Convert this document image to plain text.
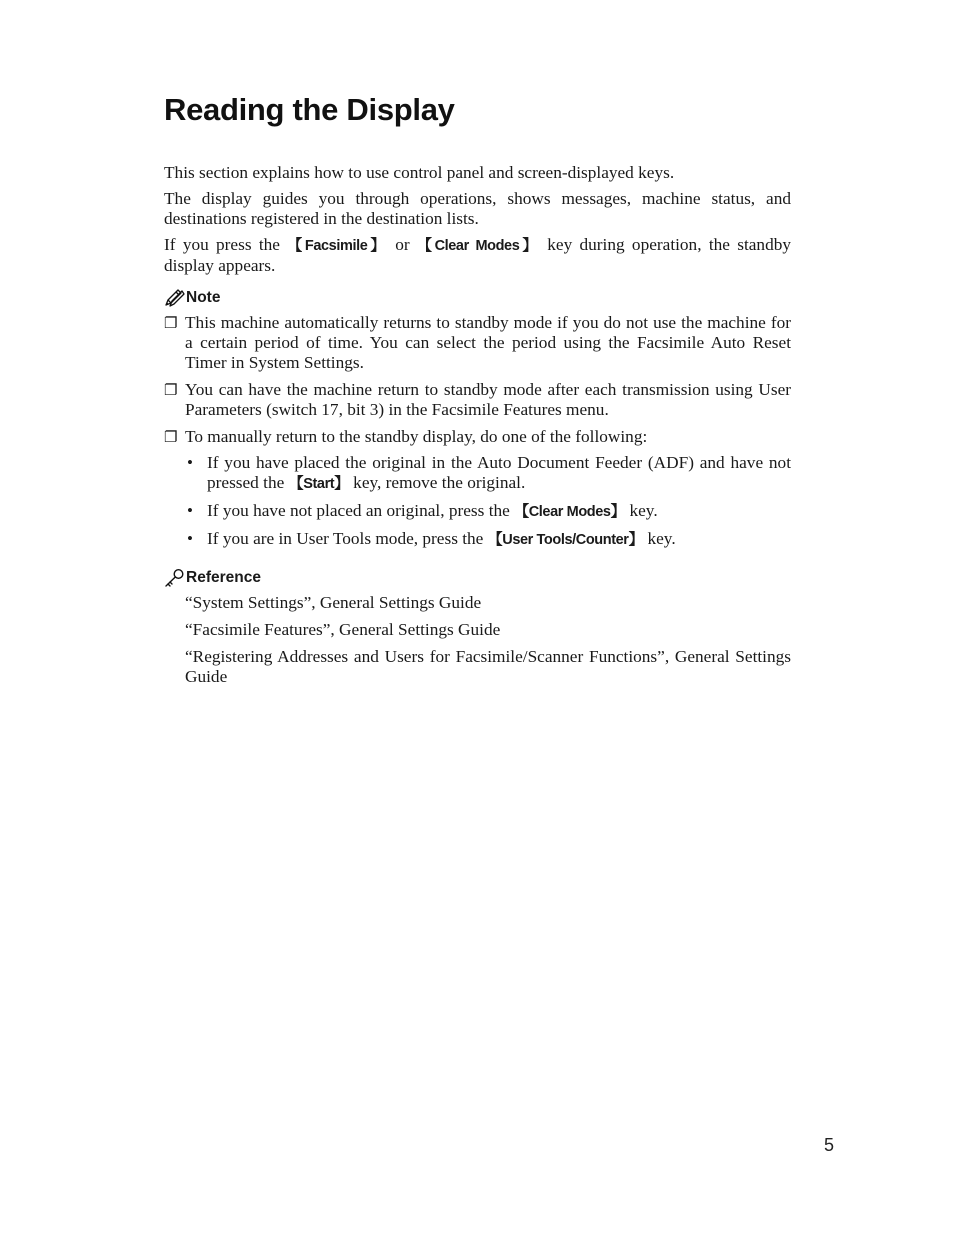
Reading the Display

This section explains how to use control panel and screen-displayed keys.

The display guides you through operations, shows messages, machine status, and destinations registered in the destination lists.

If you press the 【Facsimile】 or 【Clear Modes】 key during operation, the standby display appears.

Note
❐ This machine automatically returns to standby mode if you do not use the machine for a certain period of time. You can select the period using the Facsimile Auto Reset Timer in System Settings.
❐ You can have the machine return to standby mode after each transmission using User Parameters (switch 17, bit 3) in the Facsimile Features menu.
❐ To manually return to the standby display, do one of the following:
• If you have placed the original in the Auto Document Feeder (ADF) and have not pressed the 【Start】 key, remove the original.
• If you have not placed an original, press the 【Clear Modes】 key.
• If you are in User Tools mode, press the 【User Tools/Counter】 key.
Reference

“System Settings”, General Settings Guide

“Facsimile Features”, General Settings Guide

“Registering Addresses and Users for Facsimile/Scanner Functions”, General Settings Guide

5
